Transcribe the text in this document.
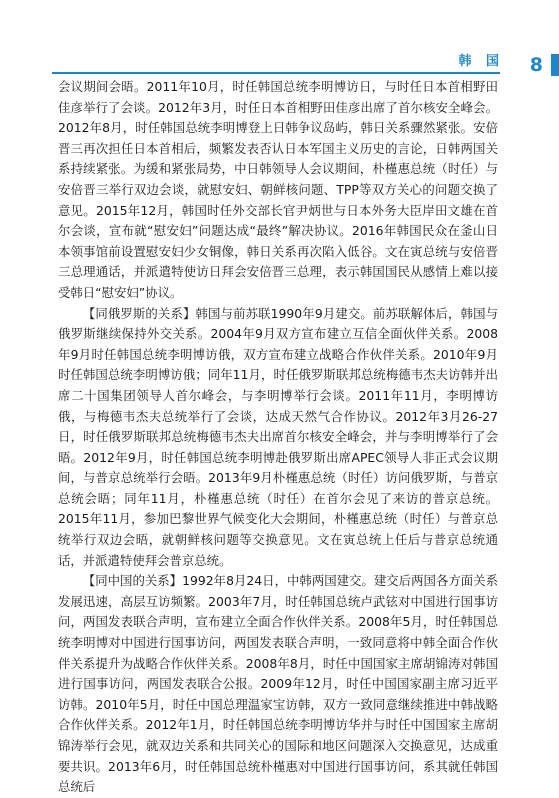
韩 国 8

会议期间会晤。2011年10月，时任韩国总统李明博访日，与时任日本首相野田佳彦举行了会谈。2012年3月，时任日本首相野田佳彦出席了首尔核安全峰会。2012年8月，时任韩国总统李明博登上日韩争议岛屿，韩日关系骤然紧张。安倍晋三再次担任日本首相后，频繁发表否认日本军国主义历史的言论，日韩两国关系持续紧张。为缓和紧张局势，中日韩领导人会议期间，朴槿惠总统（时任）与安倍晋三举行双边会谈，就慰安妇、朝鲜核问题、TPP等双方关心的问题交换了意见。2015年12月，韩国时任外交部长官尹炳世与日本外务大臣岸田文雄在首尔会谈，宣布就“慰安妇”问题达成“最终”解决协议。2016年韩国民众在釜山日本领事馆前设置慰安妇少女铜像，韩日关系再次陷入低谷。文在寅总统与安倍晋三总理通话，并派遣特使访日拜会安倍晋三总理，表示韩国国民从感情上难以接受韩日“慰安妇”协议。

【同俄罗斯的关系】韩国与前苏联1990年9月建交。前苏联解体后，韩国与俄罗斯继续保持外交关系。2004年9月双方宣布建立互信全面伙伴关系。2008年9月时任韩国总统李明博访俄，双方宣布建立战略合作伙伴关系。2010年9月时任韩国总统李明博访俄；同年11月，时任俄罗斯联邦总统梅德韦杰夫访韩并出席二十国集团领导人首尔峰会，与李明博举行会谈。2011年11月，李明博访俄，与梅德韦杰夫总统举行了会谈，达成天然气合作协议。2012年3月26-27日，时任俄罗斯联邦总统梅德韦杰夫出席首尔核安全峰会，并与李明博举行了会晤。2012年9月，时任韩国总统李明博赴俄罗斯出席APEC领导人非正式会议期间，与普京总统举行会晤。2013年9月朴槿惠总统（时任）访问俄罗斯，与普京总统会晤；同年11月，朴槿惠总统（时任）在首尔会见了来访的普京总统。2015年11月，参加巴黎世界气候变化大会期间，朴槿惠总统（时任）与普京总统举行双边会晤，就朝鲜核问题等交换意见。文在寅总统上任后与普京总统通话，并派遣特使拜会普京总统。

【同中国的关系】1992年8月24日，中韩两国建交。建交后两国各方面关系发展迅速，高层互访频繁。2003年7月，时任韩国总统卢武铉对中国进行国事访问，两国发表联合声明，宣布建立全面合作伙伴关系。2008年5月，时任韩国总统李明博对中国进行国事访问，两国发表联合声明，一致同意将中韩全面合作伙伴关系提升为战略合作伙伴关系。2008年8月，时任中国国家主席胡锦涛对韩国进行国事访问，两国发表联合公报。2009年12月，时任中国国家副主席习近平访韩。2010年5月，时任中国总理温家宝访韩，双方一致同意继续推进中韩战略合作伙伴关系。2012年1月，时任韩国总统李明博访华并与时任中国国家主席胡锦涛举行会见，就双边关系和共同关心的国际和地区问题深入交换意见，达成重要共识。2013年6月，时任韩国总统朴槿惠对中国进行国事访问，系其就任韩国总统后
